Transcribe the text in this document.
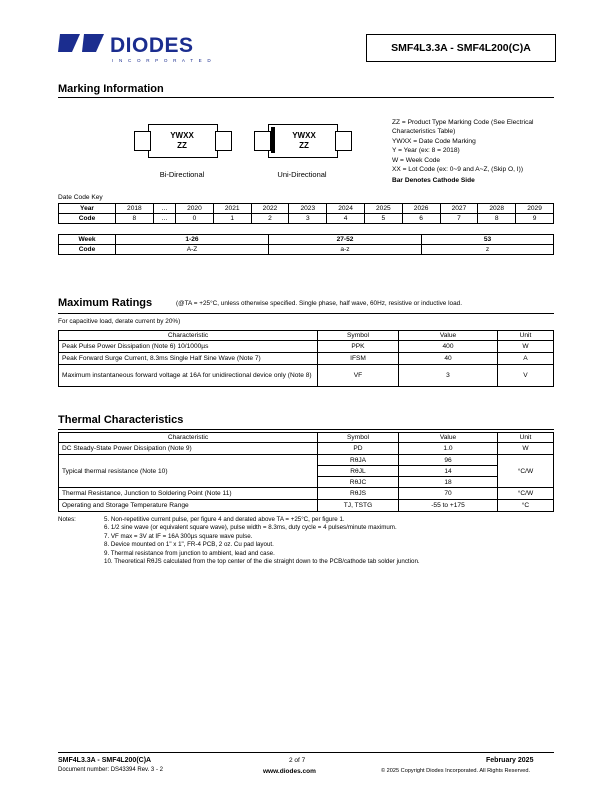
DIODES
I N C O R P O R A T E D
SMF4L3.3A - SMF4L200(C)A
Marking Information
YWXX
ZZ
Bi-Directional
YWXX
ZZ
Uni-Directional
ZZ = Product Type Marking Code (See Electrical
Characteristics Table)
YWXX = Date Code Marking
Y = Year (ex: 8 = 2018)
W = Week Code
XX = Lot Code (ex: 0~9 and A~Z, (Skip O, I))
Bar Denotes Cathode Side
Date Code Key
Year	2018	…	2020	2021	2022	2023	2024	2025	2026	2027	2028	2029
Code	8	…	0	1	2	3	4	5	6	7	8	9
Week	1-26	27-52	53
Code	A-Z	a-z	z
Maximum Ratings	(@TA = +25°C, unless otherwise specified. Single phase, half wave, 60Hz, resistive or inductive load.
For capacitive load, derate current by 20%)
Characteristic	Symbol	Value	Unit
Peak Pulse Power Dissipation (Note 6) 10/1000µs	PPK	400	W
Peak Forward Surge Current, 8.3ms Single Half Sine Wave (Note 7)	IFSM	40	A
Maximum instantaneous forward voltage at 16A for unidirectional device only (Note 8)	VF	3	V
Thermal Characteristics
Characteristic	Symbol	Value	Unit
DC Steady-State Power Dissipation (Note 9)	PD	1.0	W
Typical thermal resistance (Note 10)	RθJA	96	°C/W
	RθJL	14	
	RθJC	18	
Thermal Resistance, Junction to Soldering Point (Note 11)	RθJS	70	°C/W
Operating and Storage Temperature Range	TJ, TSTG	-55 to +175	°C
Notes:	5. Non-repetitive current pulse, per figure 4 and derated above TA = +25°C, per figure 1.
6. 1/2 sine wave (or equivalent square wave), pulse width = 8.3ms, duty cycle = 4 pulses/minute maximum.
7. VF max = 3V at IF = 16A 300µs square wave pulse.
8. Device mounted on 1" x 1", FR-4 PCB, 2 oz. Cu pad layout.
9. Thermal resistance from junction to ambient, lead and case.
10. Theoretical RθJS calculated from the top center of the die straight down to the PCB/cathode tab solder junction.
SMF4L3.3A - SMF4L200(C)A
Document number: DS43394 Rev. 3 - 2
2 of 7
www.diodes.com
February 2025
© 2025 Copyright Diodes Incorporated. All Rights Reserved.
